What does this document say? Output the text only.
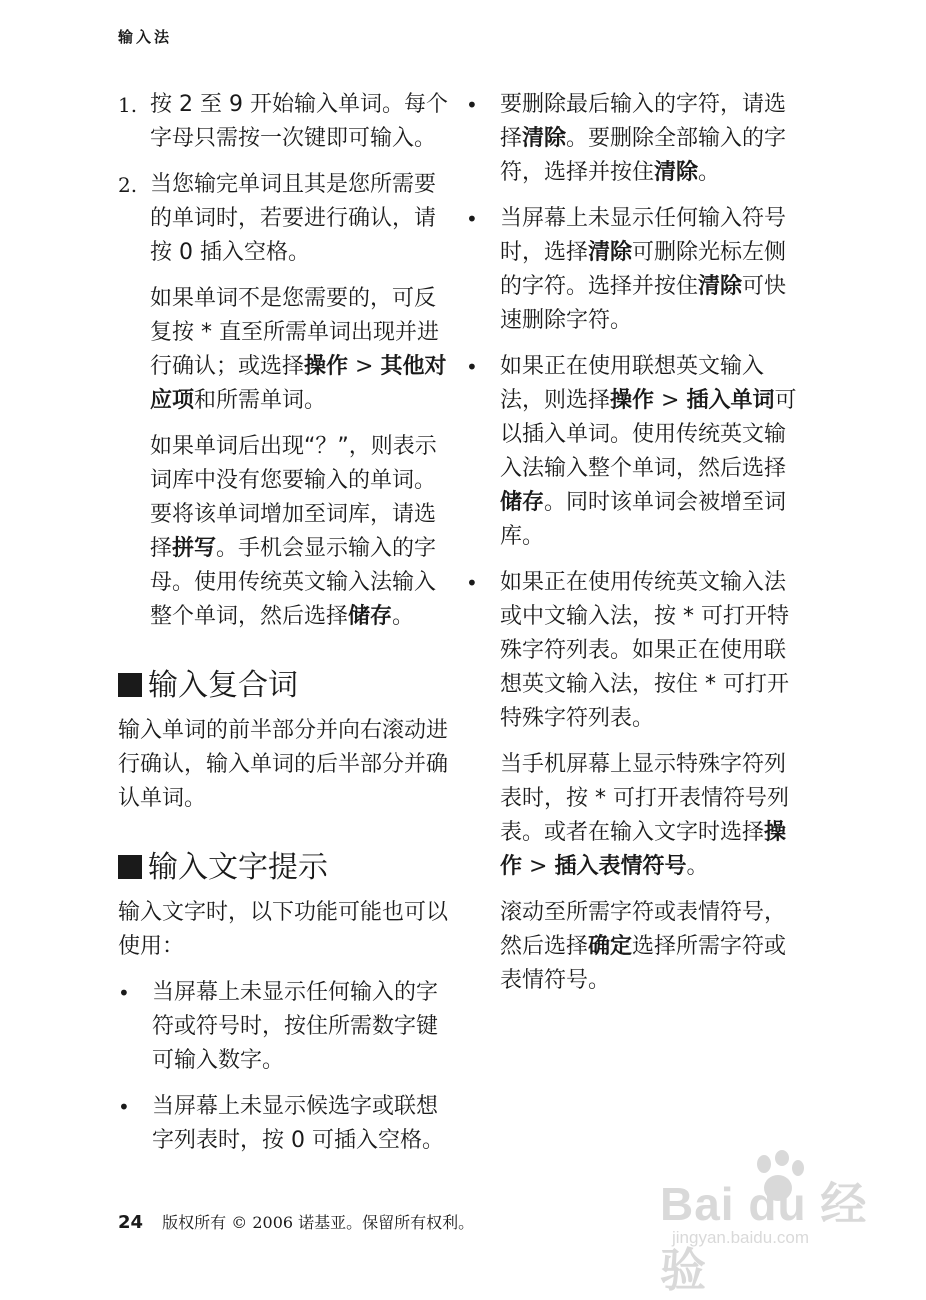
输入法
1. 按 2 至 9 开始输入单词。每个字母只需按一次键即可输入。
2. 当您输完单词且其是您所需要的单词时，若要进行确认，请按 0 插入空格。

如果单词不是您需要的，可反复按 * 直至所需单词出现并进行确认；或选择操作 > 其他对应项和所需单词。

如果单词后出现“？”，则表示词库中没有您要输入的单词。要将该单词增加至词库，请选择拼写。手机会显示输入的字母。使用传统英文输入法输入整个单词，然后选择储存。

输入复合词

输入单词的前半部分并向右滚动进行确认，输入单词的后半部分并确认单词。

输入文字提示

输入文字时，以下功能可能也可以使用：

• 当屏幕上未显示任何输入的字符或符号时，按住所需数字键可输入数字。
• 当屏幕上未显示候选字或联想字列表时，按 0 可插入空格。
• 要删除最后输入的字符，请选择清除。要删除全部输入的字符，选择并按住清除。
• 当屏幕上未显示任何输入符号时，选择清除可删除光标左侧的字符。选择并按住清除可快速删除字符。
• 如果正在使用联想英文输入法，则选择操作 > 插入单词可以插入单词。使用传统英文输入法输入整个单词，然后选择储存。同时该单词会被增至词库。
• 如果正在使用传统英文输入法或中文输入法，按 * 可打开特殊字符列表。如果正在使用联想英文输入法，按住 * 可打开特殊字符列表。

当手机屏幕上显示特殊字符列表时，按 * 可打开表情符号列表。或者在输入文字时选择操作 > 插入表情符号。

滚动至所需字符或表情符号，然后选择确定选择所需字符或表情符号。

24 版权所有 © 2006 诺基亚。保留所有权利。	Bai du 经验
jingyan.baidu.com
